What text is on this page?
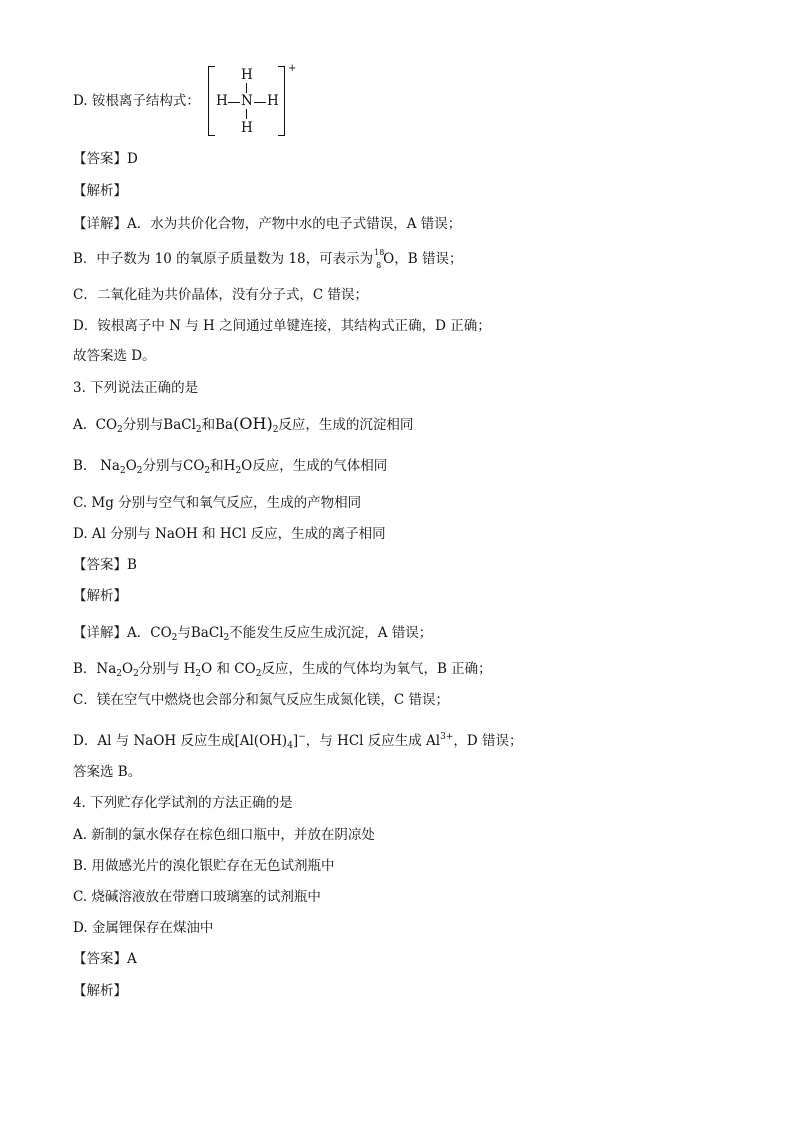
D. 铵根离子结构式：
H
H N H
H
+
【答案】D
【解析】
【详解】A．水为共价化合物，产物中水的电子式错误，A 错误；
B．中子数为 10 的氧原子质量数为 18，可表示为 18
8 O，B 错误；
C．二氧化硅为共价晶体，没有分子式，C 错误；
D．铵根离子中 N 与 H 之间通过单键连接，其结构式正确，D 正确；
故答案选 D。
3. 下列说法正确的是
A. $CO_2$分别与BaCl$_2$和$Ba(OH)_2$反应，生成的沉淀相同
B. $Na_2O_2$分别与$CO_2$和$H_2O$反应，生成的气体相同
C. Mg 分别与空气和氧气反应，生成的产物相同
D. Al 分别与 NaOH 和 HCl 反应，生成的离子相同
【答案】B
【解析】
【详解】A．$CO_2$与BaCl$_2$不能发生反应生成沉淀，A 错误；
B．$Na_2O_2$分别与 $H_2O$ 和 $CO_2$反应，生成的气体均为氧气，B 正确；
C．镁在空气中燃烧也会部分和氮气反应生成氮化镁，C 错误；
D．Al 与 NaOH 反应生成$[Al(OH)_4]^-$，与 HCl 反应生成 $Al^{3+}$，D 错误；
答案选 B。
4. 下列贮存化学试剂的方法正确的是
A. 新制的氯水保存在棕色细口瓶中，并放在阴凉处
B. 用做感光片的溴化银贮存在无色试剂瓶中
C. 烧碱溶液放在带磨口玻璃塞的试剂瓶中
D. 金属锂保存在煤油中
【答案】A
【解析】
